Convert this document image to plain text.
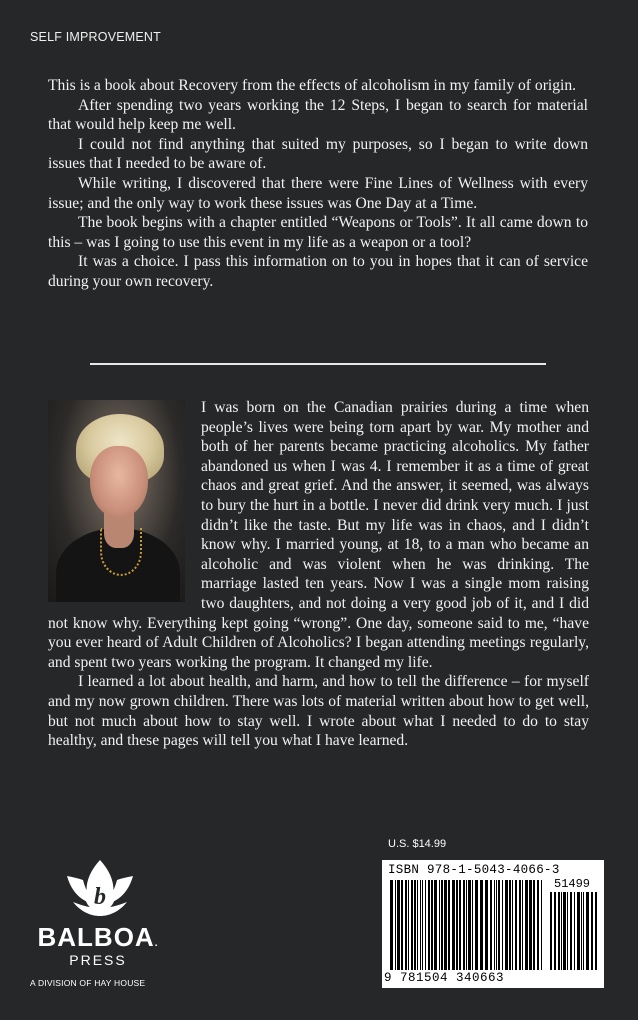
SELF IMPROVEMENT

This is a book about Recovery from the effects of alcoholism in my family of origin.

After spending two years working the 12 Steps, I began to search for material that would help keep me well.

I could not find anything that suited my purposes, so I began to write down issues that I needed to be aware of.

While writing, I discovered that there were Fine Lines of Wellness with every issue; and the only way to work these issues was One Day at a Time.

The book begins with a chapter entitled “Weapons or Tools”. It all came down to this – was I going to use this event in my life as a weapon or a tool?

It was a choice. I pass this information on to you in hopes that it can of service during your own recovery.

I was born on the Canadian prairies during a time when people’s lives were being torn apart by war. My mother and both of her parents became practicing alcoholics. My father abandoned us when I was 4. I remember it as a time of great chaos and great grief. And the answer, it seemed, was always to bury the hurt in a bottle. I never did drink very much. I just didn’t like the taste. But my life was in chaos, and I didn’t know why. I married young, at 18, to a man who became an alcoholic and was violent when he was drinking. The marriage lasted ten years. Now I was a single mom raising two daughters, and not doing a very good job of it, and I did not know why. Everything kept going “wrong”. One day, someone said to me, “have you ever heard of Adult Children of Alcoholics? I began attending meetings regularly, and spent two years working the program. It changed my life.

I learned a lot about health, and harm, and how to tell the difference – for myself and my now grown children. There was lots of material written about how to get well, but not much about how to stay well. I wrote about what I needed to do to stay healthy, and these pages will tell you what I have learned.

b
BALBOA.
PRESS
A DIVISION OF HAY HOUSE
U.S. $14.99
ISBN 978-1-5043-4066-3
51499
9 781504 340663
